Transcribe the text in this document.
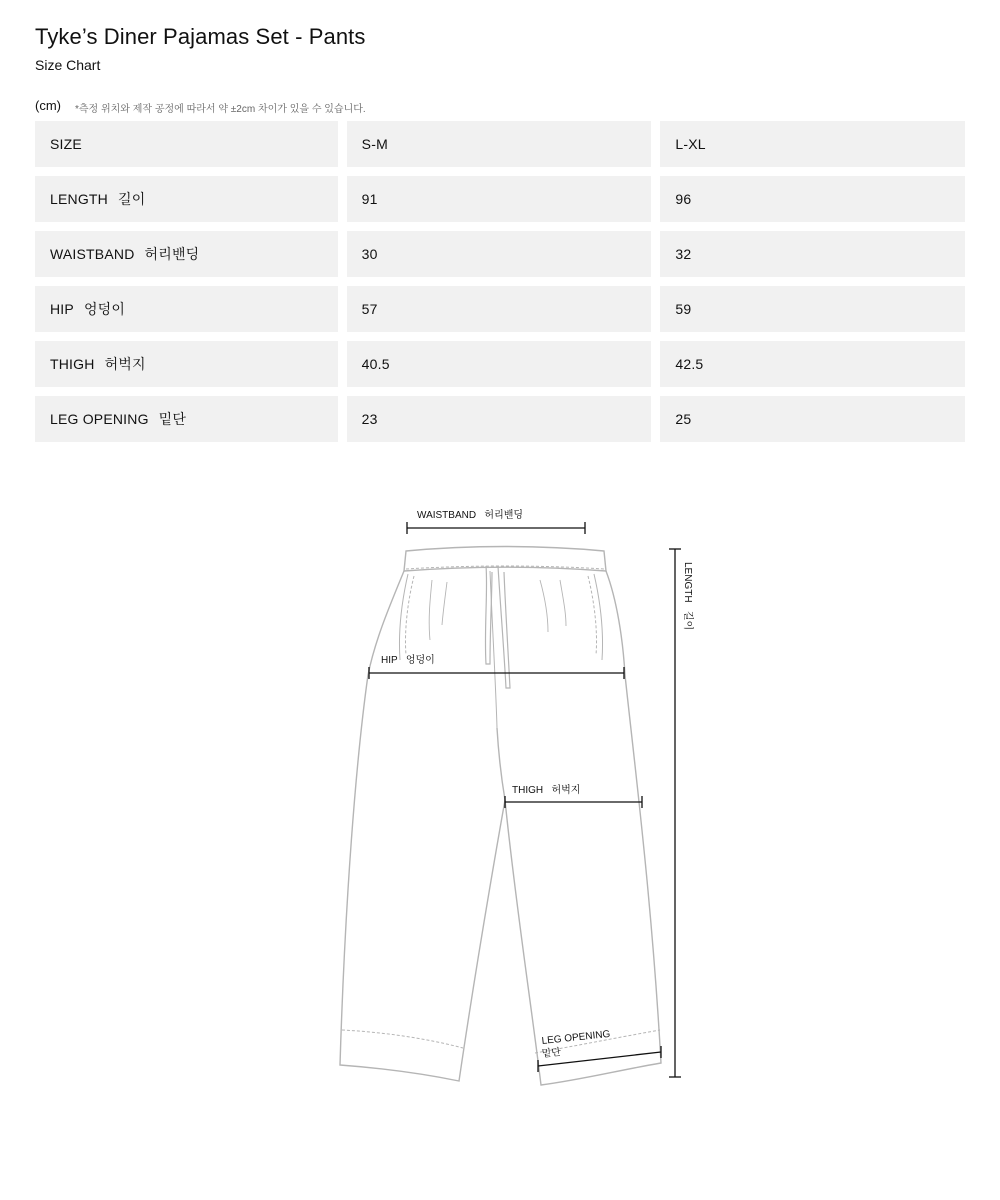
Tyke’s Diner Pajamas Set - Pants
Size Chart
(cm) *측정 위치와 제작 공정에 따라서 약 ±2cm 차이가 있을 수 있습니다.
SIZE	S-M	L-XL
LENGTH 길이	91	96
WAISTBAND 허리밴딩	30	32
HIP 엉덩이	57	59
THIGH 허벅지	40.5	42.5
LEG OPENING 밑단	23	25
WAISTBAND   허리밴딩
HIP   엉덩이
THIGH   허벅지
LEG OPENING
밑단
LENGTH   길이
